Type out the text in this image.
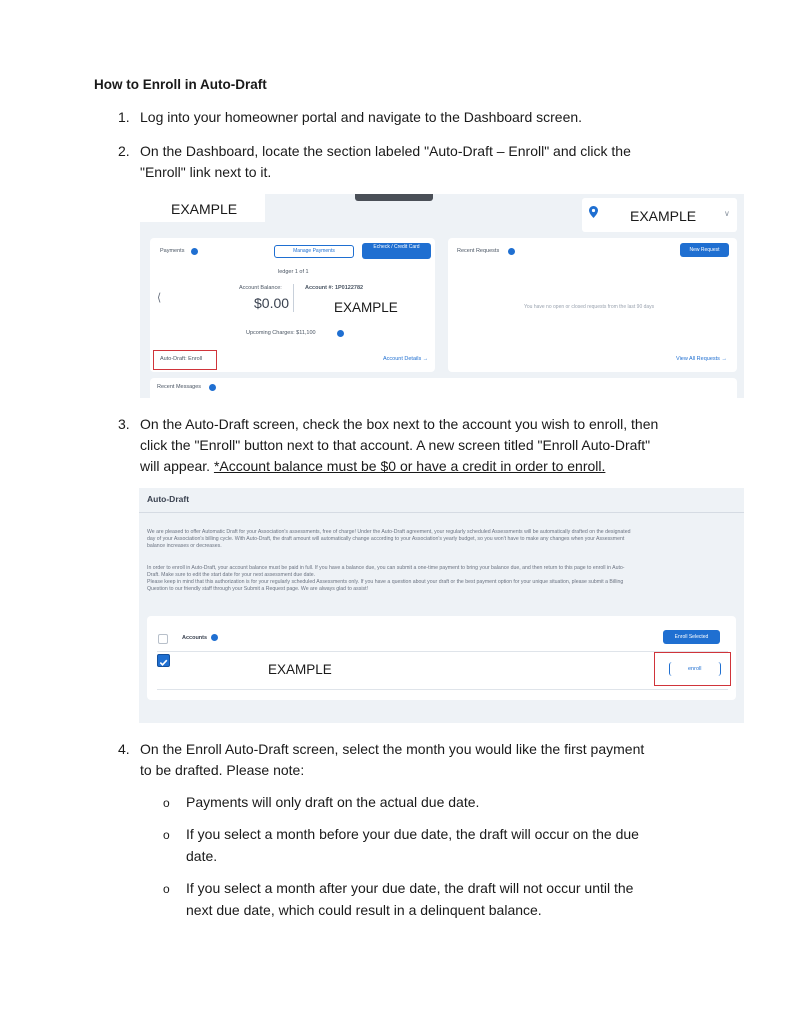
How to Enroll in Auto-Draft
1. Log into your homeowner portal and navigate to the Dashboard screen.
2. On the Dashboard, locate the section labeled "Auto-Draft – Enroll" and click the
"Enroll" link next to it.
EXAMPLE	EXAMPLE	∨
Payments	Manage Payments
Echeck / Credit Card
ledger 1 of 1
⟨
Account Balance:
$0.00
Account #: 1P0122782
EXAMPLE
Upcoming Charges: $11,100
Auto-Draft: Enroll	Account Details →
Recent Requests	New Request
You have no open or closed requests from the last 90 days
View All Requests →
Recent Messages
3. On the Auto-Draft screen, check the box next to the account you wish to enroll, then
click the "Enroll" button next to that account. A new screen titled "Enroll Auto-Draft"
will appear. *Account balance must be $0 or have a credit in order to enroll.
Auto-Draft
We are pleased to offer Automatic Draft for your Association's assessments, free of charge! Under the Auto-Draft agreement, your regularly scheduled Assessments will be automatically drafted on the designated
day of your Association's billing cycle. With Auto-Draft, the draft amount will automatically change according to your Association's yearly budget, so you won't have to make any changes when your Assessment
balance increases or decreases.
In order to enroll in Auto-Draft, your account balance must be paid in full. If you have a balance due, you can submit a one-time payment to bring your balance due, and then return to this page to enroll in Auto-
Draft. Make sure to edit the start date for your next assessment due date.
Please keep in mind that this authorization is for your regularly scheduled Assessments only. If you have a question about your draft or the best payment option for your unique situation, please submit a Billing
Question to our friendly staff through your Submit a Request page. We are always glad to assist!
Accounts	Enroll Selected
EXAMPLE	enroll
4. On the Enroll Auto-Draft screen, select the month you would like the first payment
to be drafted. Please note:
o Payments will only draft on the actual due date.
o If you select a month before your due date, the draft will occur on the due
date.
o If you select a month after your due date, the draft will not occur until the
next due date, which could result in a delinquent balance.
